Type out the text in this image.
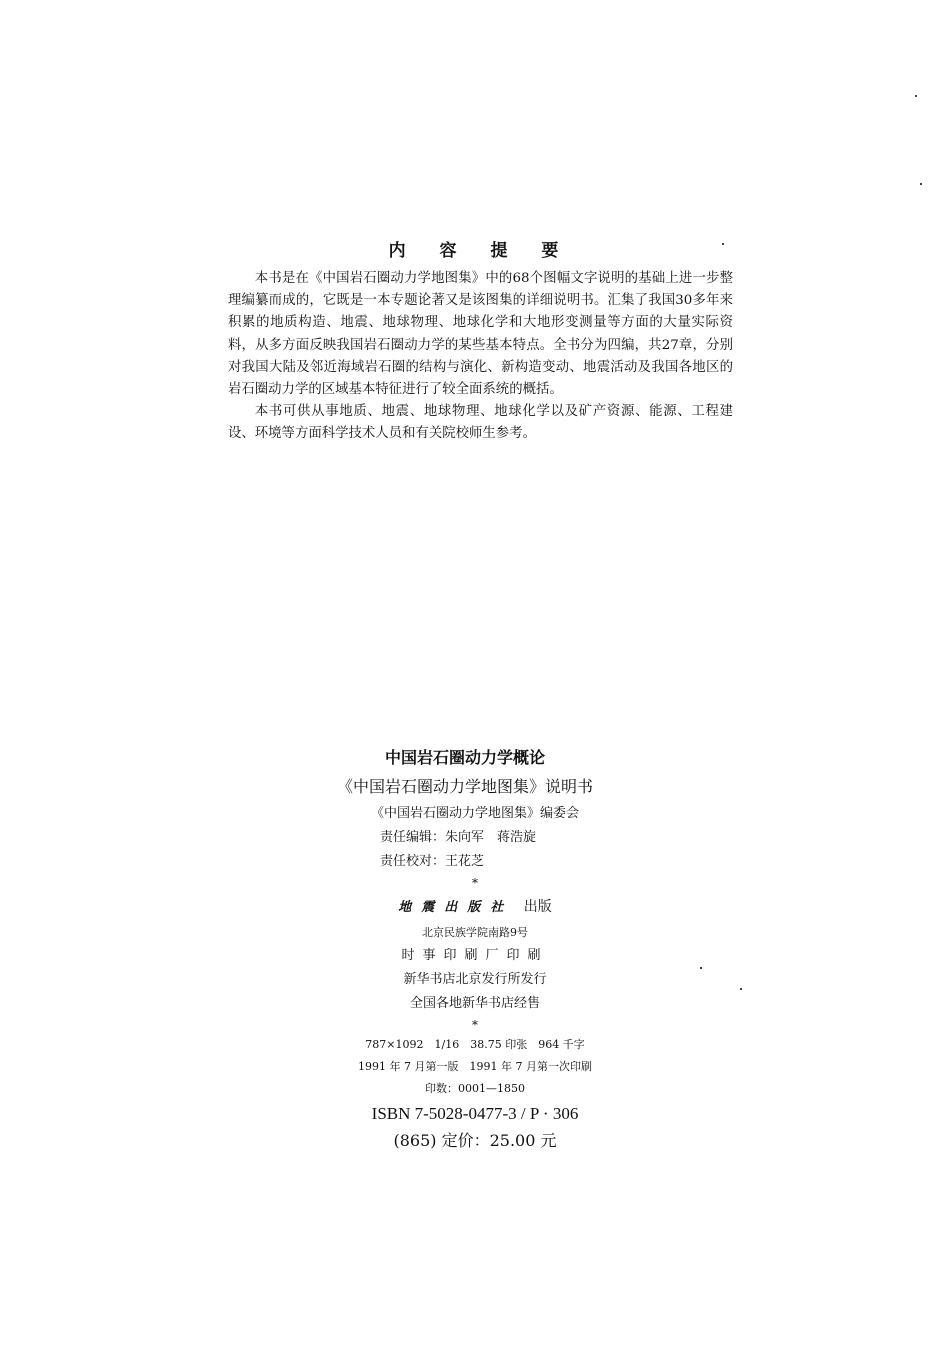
内 容 提 要

本书是在《中国岩石圈动力学地图集》中的68个图幅文字说明的基础上进一步整理编纂而成的，它既是一本专题论著又是该图集的详细说明书。汇集了我国30多年来积累的地质构造、地震、地球物理、地球化学和大地形变测量等方面的大量实际资料，从多方面反映我国岩石圈动力学的某些基本特点。全书分为四编，共27章，分别对我国大陆及邻近海域岩石圈的结构与演化、新构造变动、地震活动及我国各地区的岩石圈动力学的区域基本特征进行了较全面系统的概括。

本书可供从事地质、地震、地球物理、地球化学以及矿产资源、能源、工程建设、环境等方面科学技术人员和有关院校师生参考。

中国岩石圈动力学概论
《中国岩石圈动力学地图集》说明书
《中国岩石圈动力学地图集》编委会
责任编辑：朱向军　蒋浩旋
责任校对：王花芝
*
地震出版社 出版
北京民族学院南路9号
时事印刷厂印刷
新华书店北京发行所发行
全国各地新华书店经售
*
787×1092　1/16　38.75 印张　964 千字
1991 年 7 月第一版　1991 年 7 月第一次印刷
印数：0001—1850
ISBN 7-5028-0477-3 / P · 306
(865) 定价：25.00 元
